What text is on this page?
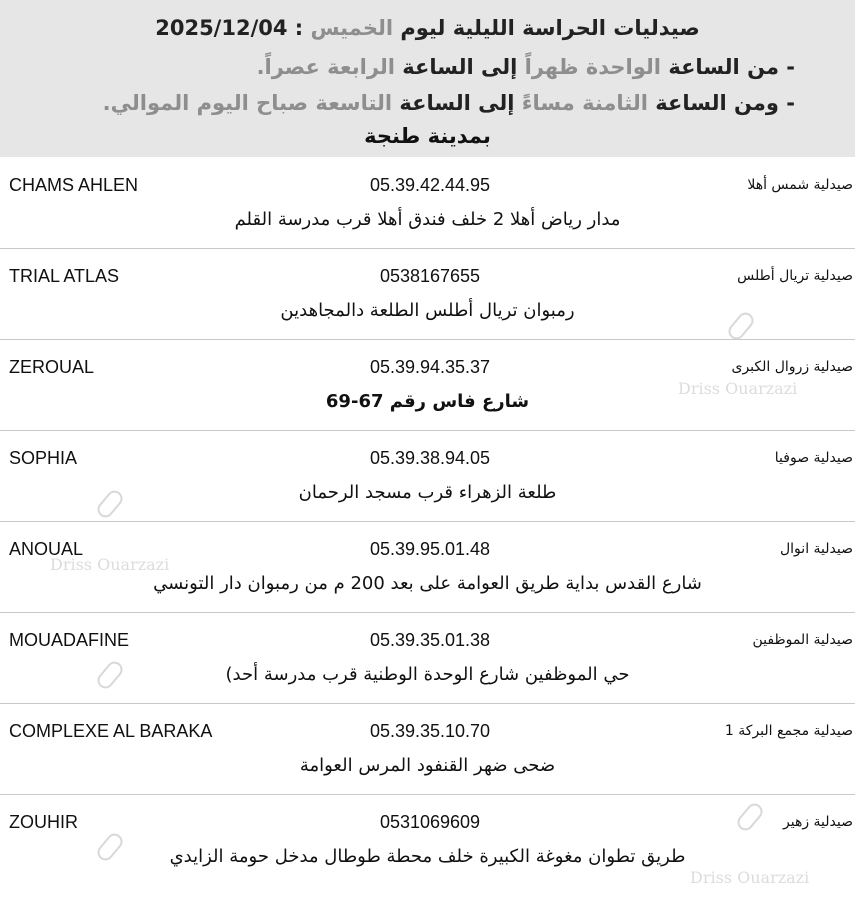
صيدليات الحراسة الليلية ليوم الخميس 2025/12/04 :
- من الساعة الواحدة ظهراً إلى الساعة الرابعة عصراً.
- ومن الساعة الثامنة مساءً إلى الساعة التاسعة صباح اليوم الموالي.
بمدينة طنجة
CHAMS AHLEN	05.39.42.44.95	صيدلية شمس أهلا
مدار رياض أهلا 2 خلف فندق أهلا قرب مدرسة القلم
TRIAL ATLAS	0538167655	صيدلية تريال أطلس
رمبوان تريال أطلس الطلعة دالمجاهدين
ZEROUAL	05.39.94.35.37	صيدلية زروال الكبرى
شارع فاس رقم 67-69
Driss Ouarzazi
SOPHIA	05.39.38.94.05	صيدلية صوفيا
طلعة الزهراء قرب مسجد الرحمان
ANOUAL	05.39.95.01.48	صيدلية انوال
شارع القدس بداية طريق العوامة على بعد 200 م من رمبوان دار التونسي
Driss Ouarzazi
MOUADAFINE	05.39.35.01.38	صيدلية الموظفين
حي الموظفين شارع الوحدة الوطنية قرب مدرسة أحد)
COMPLEXE AL BARAKA	05.39.35.10.70	صيدلية مجمع البركة 1
ضحى ضهر القنفود المرس العوامة
ZOUHIR	0531069609	صيدلية زهير
طريق تطوان مغوغة الكبيرة خلف محطة طوطال مدخل حومة الزايدي
Driss Ouarzazi
